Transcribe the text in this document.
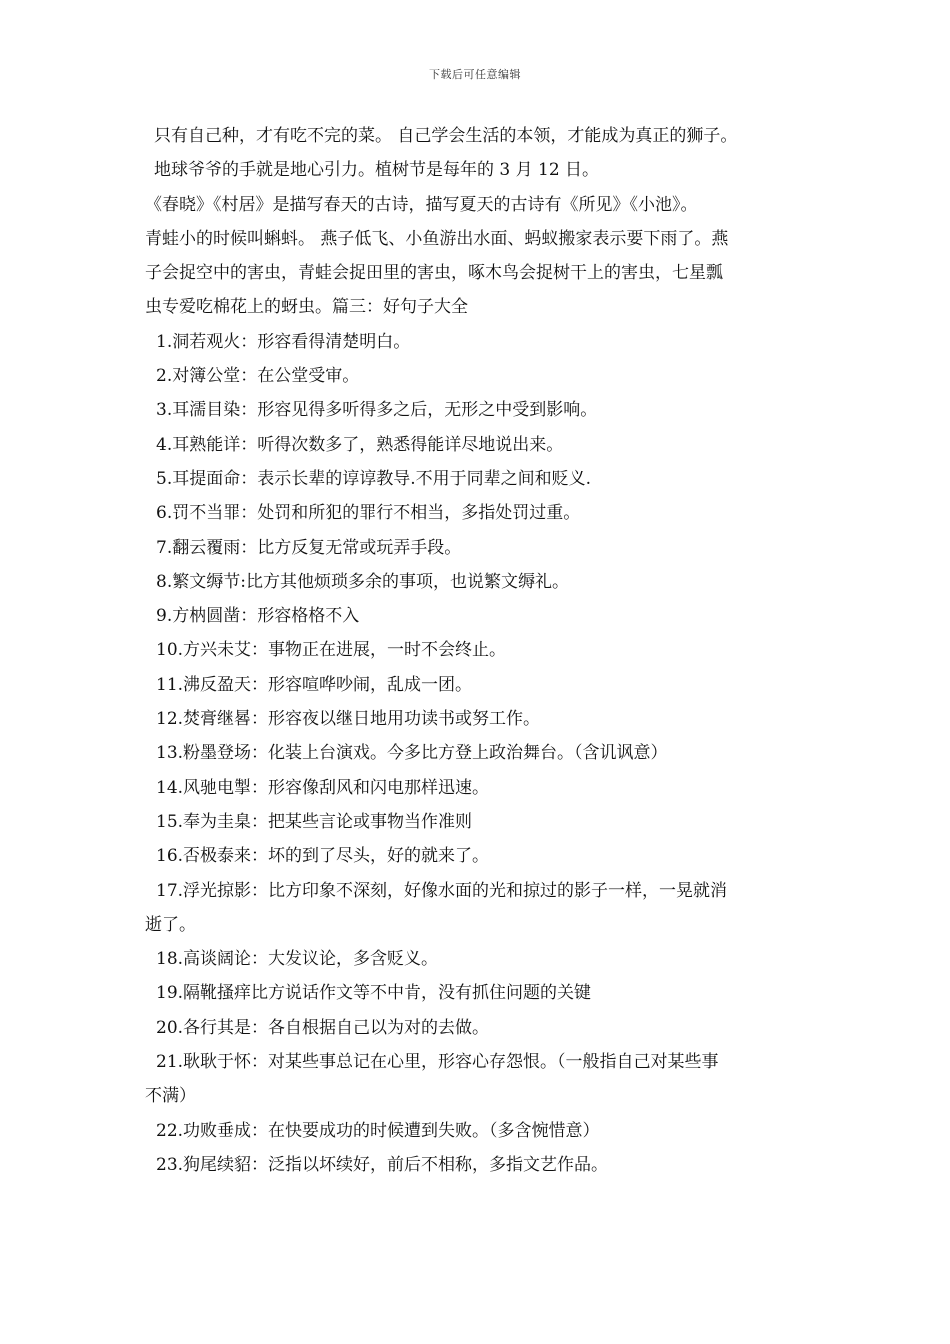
下载后可任意编辑
只有自己种，才有吃不完的菜。 自己学会生活的本领，才能成为真正的狮子。
地球爷爷的手就是地心引力。植树节是每年的 3 月 12 日。
《春晓》《村居》是描写春天的古诗，描写夏天的古诗有《所见》《小池》。
青蛙小的时候叫蝌蚪。 燕子低飞、小鱼游出水面、蚂蚁搬家表示要下雨了。燕
子会捉空中的害虫，青蛙会捉田里的害虫，啄木鸟会捉树干上的害虫，七星瓢
虫专爱吃棉花上的蚜虫。篇三：好句子大全
1.洞若观火：形容看得清楚明白。
2.对簿公堂：在公堂受审。
3.耳濡目染：形容见得多听得多之后，无形之中受到影响。
4.耳熟能详：听得次数多了，熟悉得能详尽地说出来。
5.耳提面命：表示长辈的谆谆教导.不用于同辈之间和贬义.
6.罚不当罪：处罚和所犯的罪行不相当，多指处罚过重。
7.翻云覆雨：比方反复无常或玩弄手段。
8.繁文缛节:比方其他烦琐多余的事项，也说繁文缛礼。
9.方枘圆凿：形容格格不入
10.方兴未艾：事物正在进展，一时不会终止。
11.沸反盈天：形容喧哗吵闹，乱成一团。
12.焚膏继晷：形容夜以继日地用功读书或努工作。
13.粉墨登场：化装上台演戏。今多比方登上政治舞台。（含讥讽意）
14.风驰电掣：形容像刮风和闪电那样迅速。
15.奉为圭臬：把某些言论或事物当作准则
16.否极泰来：坏的到了尽头，好的就来了。
17.浮光掠影：比方印象不深刻，好像水面的光和掠过的影子一样，一晃就消
逝了。
18.高谈阔论：大发议论，多含贬义。
19.隔靴搔痒比方说话作文等不中肯，没有抓住问题的关键
20.各行其是：各自根据自己以为对的去做。
21.耿耿于怀：对某些事总记在心里，形容心存怨恨。（一般指自己对某些事
不满）
22.功败垂成：在快要成功的时候遭到失败。（多含惋惜意）
23.狗尾续貂：泛指以坏续好，前后不相称，多指文艺作品。
